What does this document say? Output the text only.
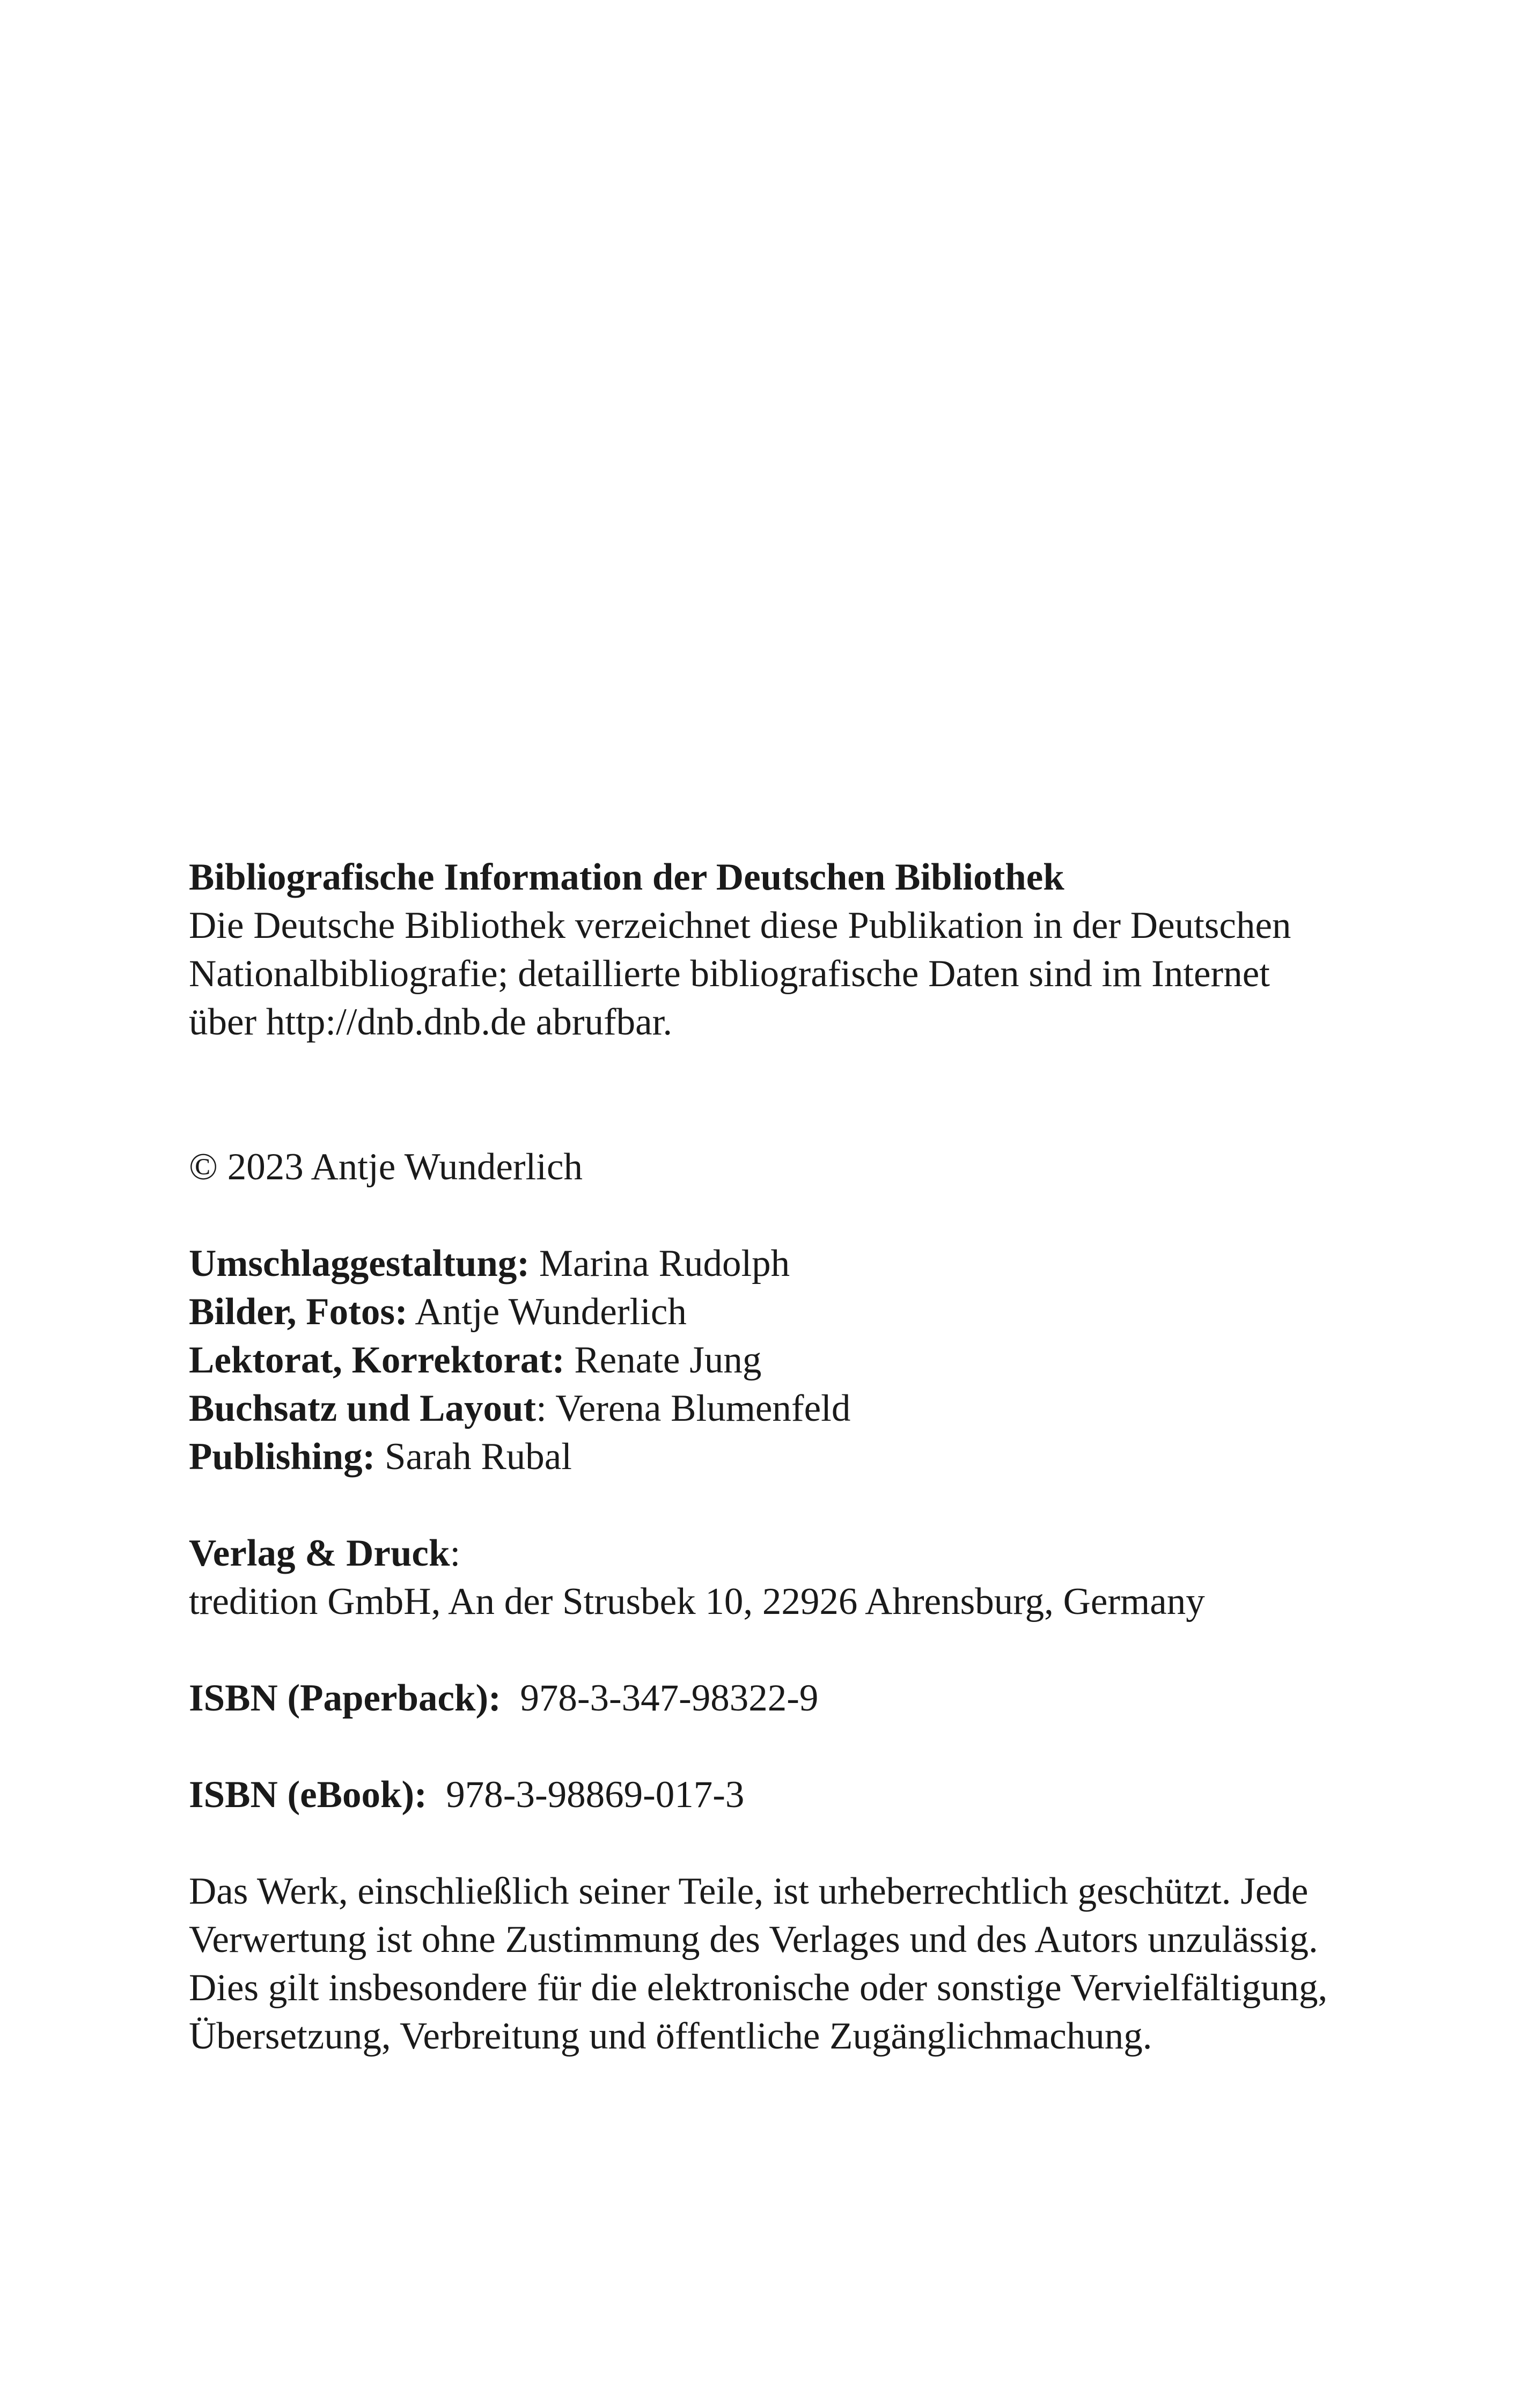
Bibliografische Information der Deutschen Bibliothek
Die Deutsche Bibliothek verzeichnet diese Publikation in der Deutschen
Nationalbibliografie; detaillierte bibliografische Daten sind im Internet
über http://dnb.dnb.de abrufbar.
© 2023 Antje Wunderlich
Umschlaggestaltung: Marina Rudolph
Bilder, Fotos: Antje Wunderlich
Lektorat, Korrektorat: Renate Jung
Buchsatz und Layout: Verena Blumenfeld
Publishing: Sarah Rubal
Verlag & Druck:
tredition GmbH, An der Strusbek 10, 22926 Ahrensburg, Germany
ISBN (Paperback):  978-3-347-98322-9
ISBN (eBook):  978-3-98869-017-3
Das Werk, einschließlich seiner Teile, ist urheberrechtlich geschützt. Jede
Verwertung ist ohne Zustimmung des Verlages und des Autors unzulässig.
Dies gilt insbesondere für die elektronische oder sonstige Vervielfältigung,
Übersetzung, Verbreitung und öffentliche Zugänglichmachung.
